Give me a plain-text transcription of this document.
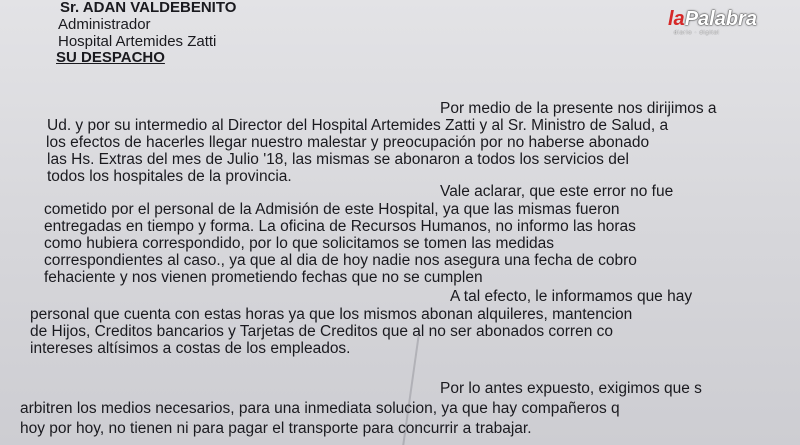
laPalabra
diario · digital
Sr. ADAN VALDEBENITO
Administrador
Hospital Artemides Zatti
SU DESPACHO
Por medio de la presente nos dirijimos a
Ud. y por su intermedio al Director del Hospital Artemides Zatti y al Sr. Ministro de Salud, a
los efectos de hacerles llegar nuestro malestar y preocupación por no haberse abonado
las Hs. Extras del mes de Julio '18, las mismas se abonaron a todos los servicios del
todos los hospitales de la provincia.
Vale aclarar, que este error no fue
cometido por el personal de la Admisión de este Hospital, ya que las mismas fueron
entregadas en tiempo y forma. La oficina de Recursos Humanos, no informo las horas
como hubiera correspondido, por lo que solicitamos se tomen las medidas
correspondientes al caso., ya que al dia de hoy nadie nos asegura una fecha de cobro
fehaciente y nos vienen prometiendo fechas que no se cumplen
A tal efecto, le informamos que hay
personal que cuenta con estas horas ya que los mismos abonan alquileres, mantencion
de Hijos, Creditos bancarios y Tarjetas de Creditos que al no ser abonados corren co
intereses altísimos a costas de los empleados.
Por lo antes expuesto, exigimos que s
arbitren los medios necesarios, para una inmediata solucion, ya que hay compañeros q
hoy por hoy, no tienen ni para pagar el transporte para concurrir a trabajar.
